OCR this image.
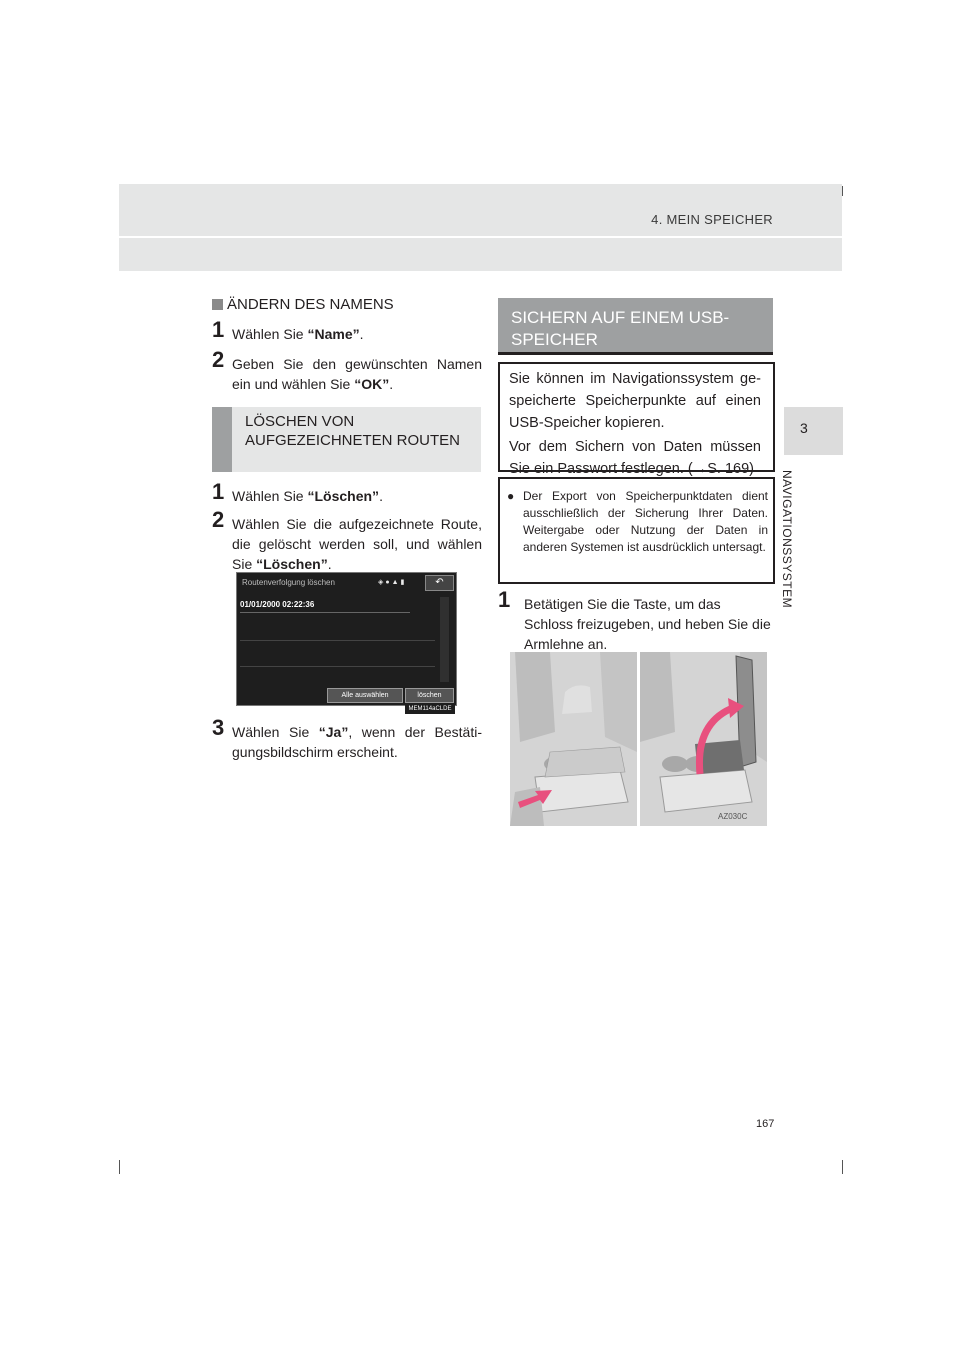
4. MEIN SPEICHER
3
NAVIGATIONSSYSTEM
ÄNDERN DES NAMENS
1 Wählen Sie “Name”.
2 Geben Sie den gewünschten Namen ein und wählen Sie “OK”.
LÖSCHEN VON AUFGEZEICHNETEN ROUTEN
1 Wählen Sie “Löschen”.
2 Wählen Sie die aufgezeichnete Route, die gelöscht werden soll, und wählen Sie “Löschen”.
Routenverfolgung löschen	◈●▲▮	↶
01/01/2000 02:22:36
Alle auswählen	löschen
MEM114aCLDE
3 Wählen Sie “Ja”, wenn der Bestätigungsbildschirm erscheint.
SICHERN AUF EINEM USB-SPEICHER
Sie können im Navigationssystem gespeicherte Speicherpunkte auf einen USB-Speicher kopieren.
Vor dem Sichern von Daten müssen Sie ein Passwort festlegen. (→S. 169)
● Der Export von Speicherpunktdaten dient ausschließlich der Sicherung Ihrer Daten. Weitergabe oder Nutzung der Daten in anderen Systemen ist ausdrücklich untersagt.
1 Betätigen Sie die Taste, um das Schloss freizugeben, und heben Sie die Armlehne an.
AZ030C
167
